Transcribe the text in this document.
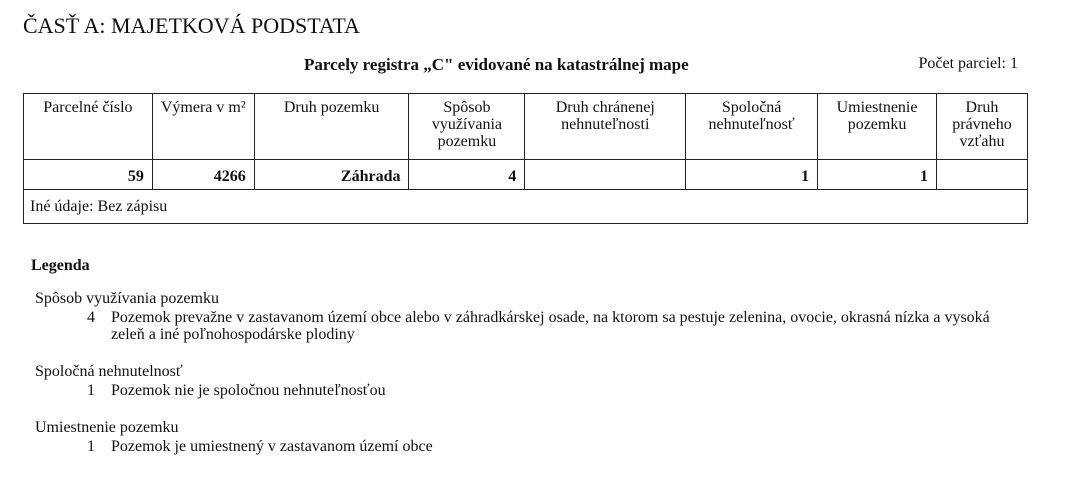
ČASŤ A: MAJETKOVÁ PODSTATA
Parcely registra „C" evidované na katastrálnej mape	Počet parciel: 1
Parcelné číslo	Výmera v m²	Druh pozemku	Spôsob využívania pozemku	Druh chránenej nehnuteľnosti	Spoločná nehnuteľnosť	Umiestnenie pozemku	Druh právneho vzťahu
59	4266	Záhrada	4		1	1	
Iné údaje: Bez zápisu							
Legenda
Spôsob využívania pozemku
4	Pozemok prevažne v zastavanom území obce alebo v záhradkárskej osade, na ktorom sa pestuje zelenina, ovocie, okrasná nízka a vysoká zeleň a iné poľnohospodárske plodiny
Spoločná nehnutelnosť
1	Pozemok nie je spoločnou nehnuteľnosťou
Umiestnenie pozemku
1	Pozemok je umiestnený v zastavanom území obce
